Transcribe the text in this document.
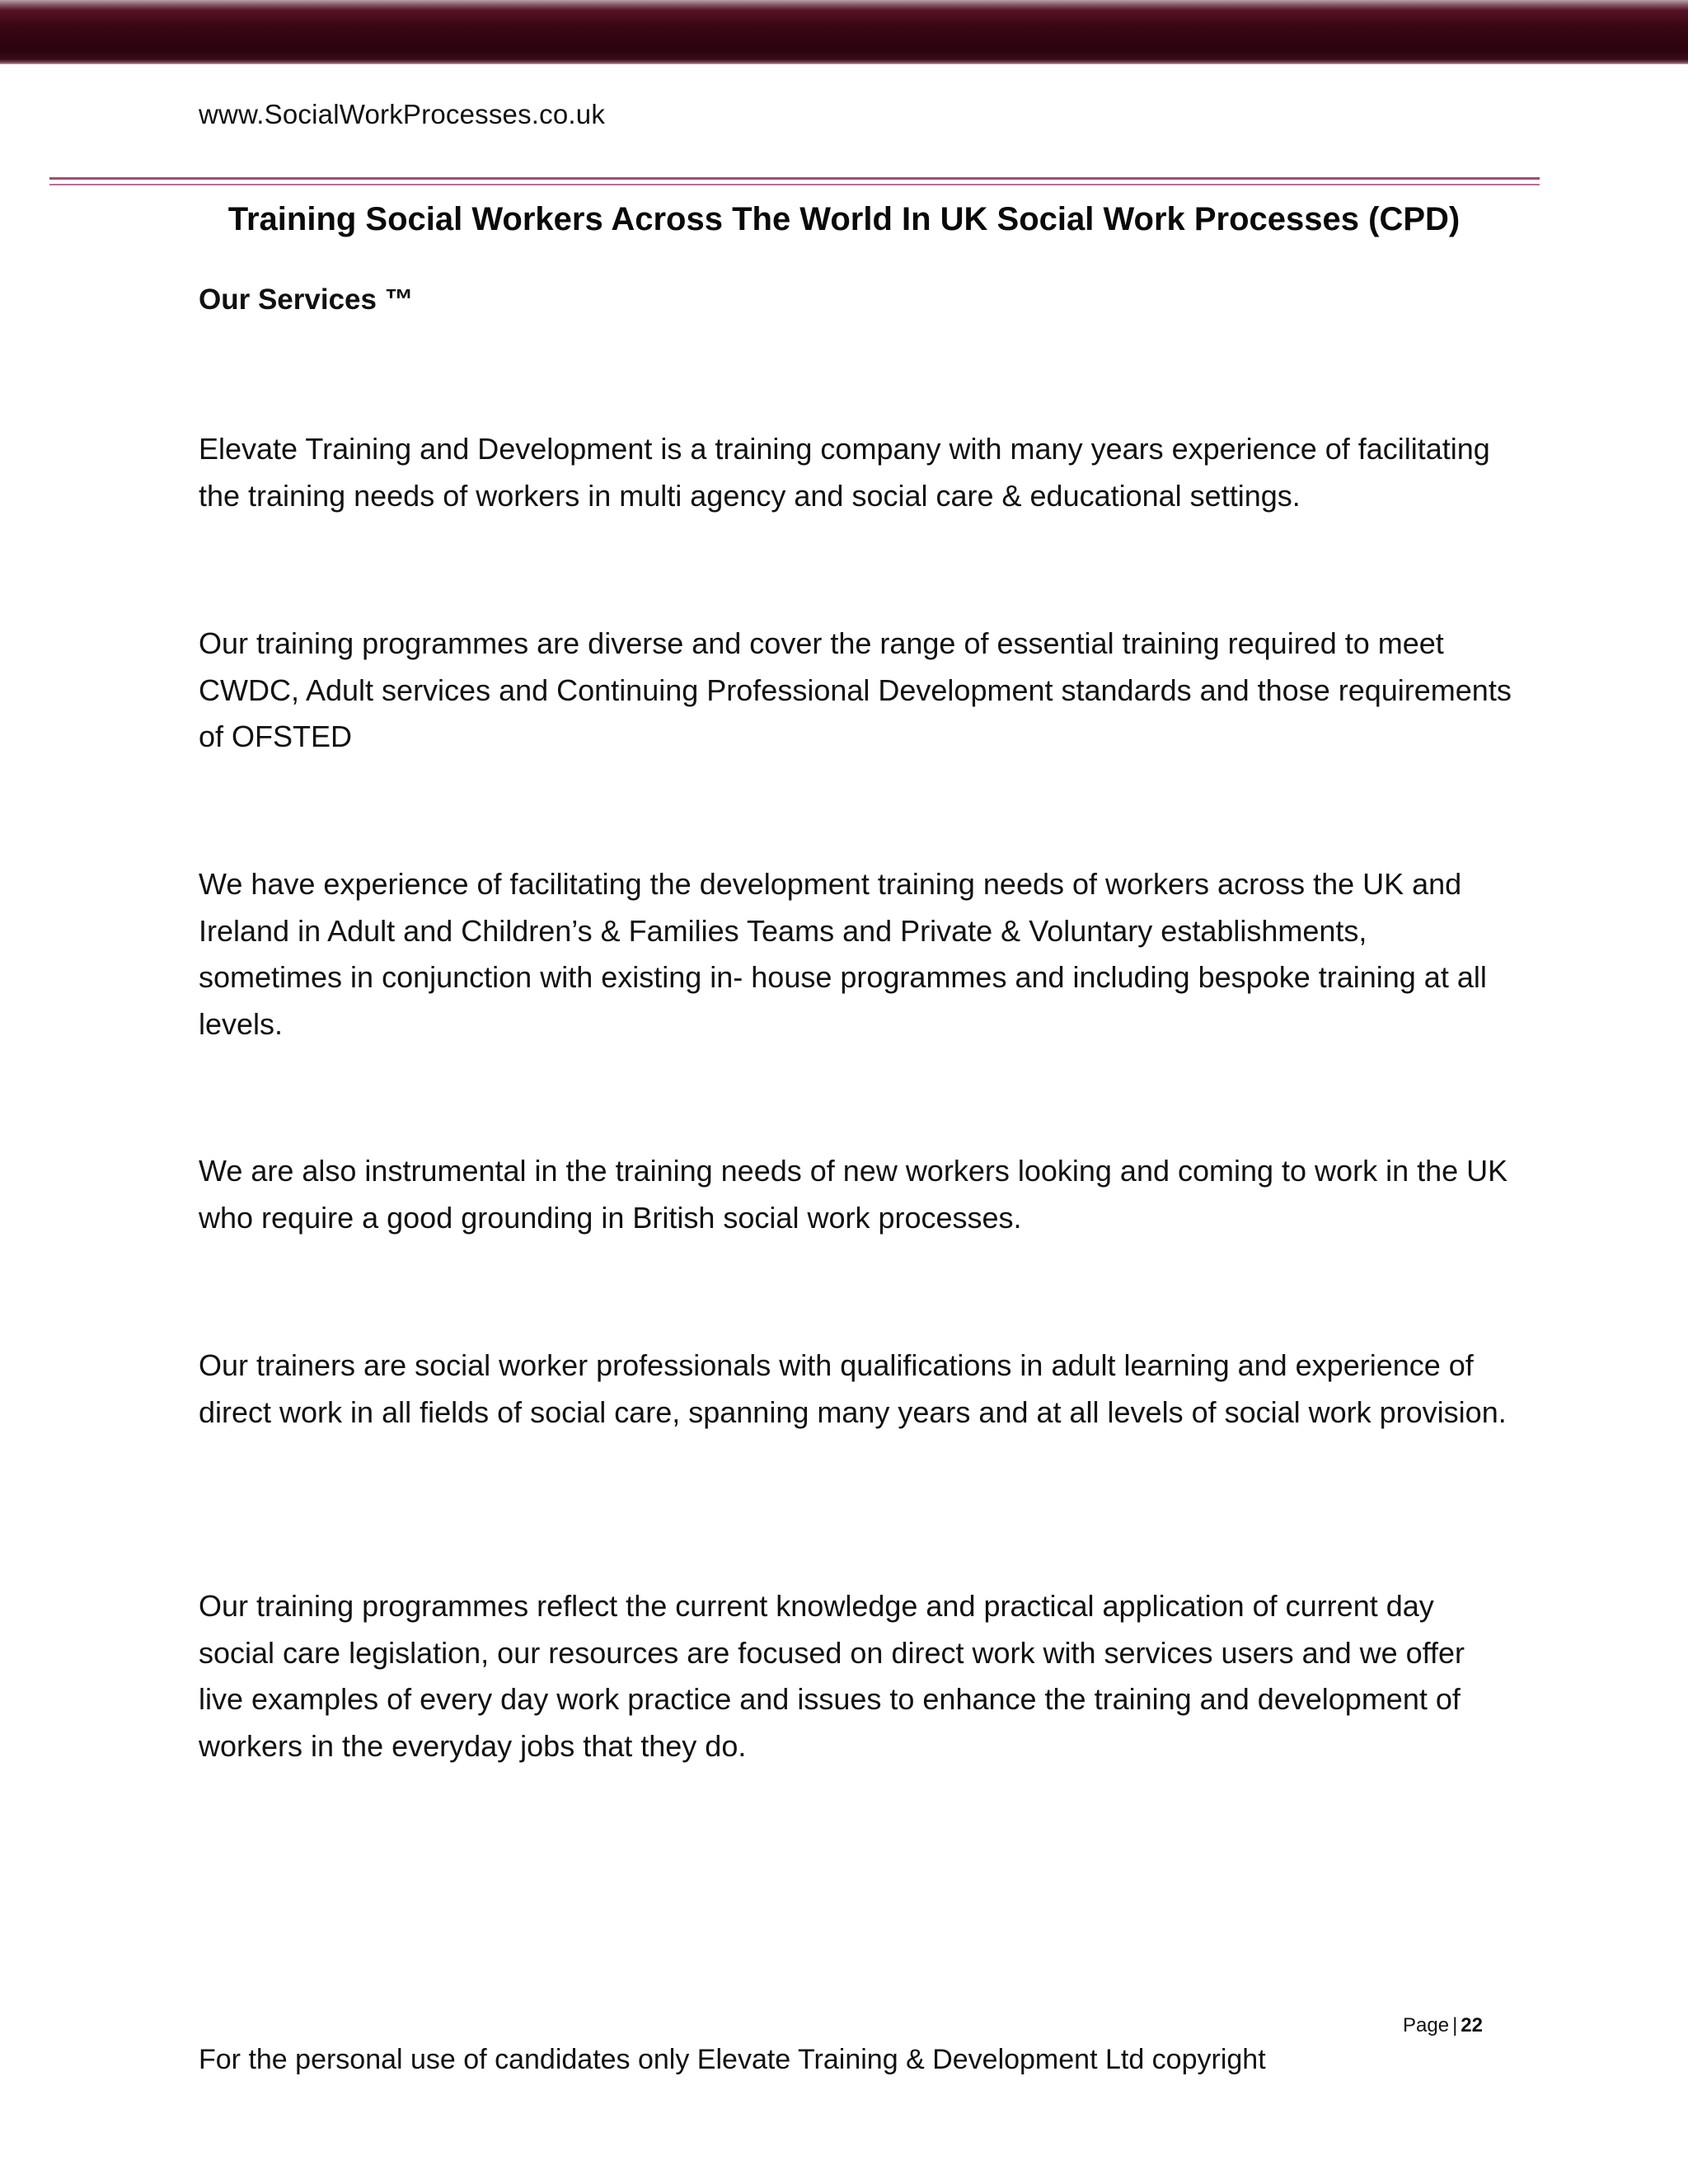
www.SocialWorkProcesses.co.uk
Training Social Workers Across The World In UK Social Work Processes (CPD)
Our Services ™
Elevate Training and Development is a training company with many years experience of facilitating the training needs of workers in multi agency and social care & educational settings.
Our training programmes are diverse and cover the range of essential training required to meet CWDC, Adult services and Continuing Professional Development standards and those requirements of OFSTED
We have experience of facilitating the development training needs of workers across the UK and Ireland in Adult and Children’s & Families Teams and Private & Voluntary establishments, sometimes in conjunction with existing in- house programmes and including bespoke training at all levels.
We are also instrumental in the training needs of new workers looking and coming to work in the UK who require a good grounding in British social work processes.
Our trainers are social worker professionals with qualifications in adult learning and experience of direct work in all fields of social care, spanning many years and at all levels of social work provision.
Our training programmes reflect the current knowledge and practical application of current day social care legislation, our resources are focused on direct work with services users and we offer live examples of every day work practice and issues to enhance the training and development of workers in the everyday jobs that they do.
Page | 22
For the personal use of candidates only Elevate Training & Development Ltd copyright
